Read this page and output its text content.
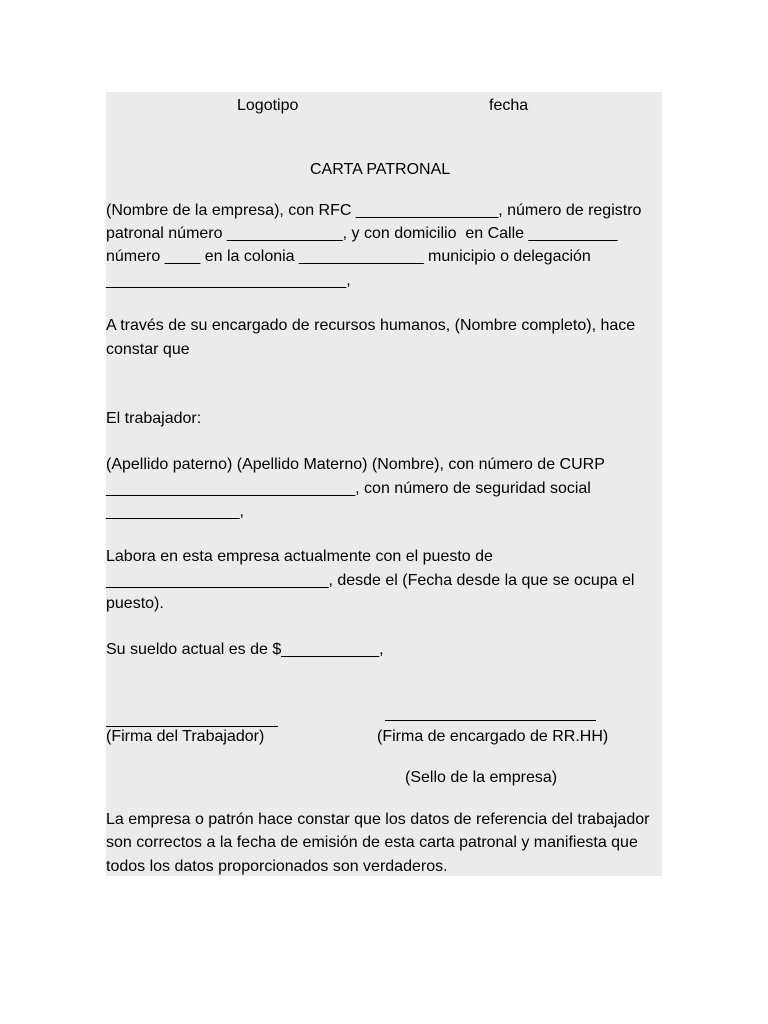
Logotipo	fecha
CARTA PATRONAL
(Nombre de la empresa), con RFC ________________, número de registro
patronal número _____________, y con domicilio  en Calle __________
número ____ en la colonia ______________ municipio o delegación
___________________________,
A través de su encargado de recursos humanos, (Nombre completo), hace
constar que
El trabajador:
(Apellido paterno) (Apellido Materno) (Nombre), con número de CURP
____________________________, con número de seguridad social
_______________,
Labora en esta empresa actualmente con el puesto de
_________________________, desde el (Fecha desde la que se ocupa el
puesto).
Su sueldo actual es de $___________,
(Firma del Trabajador)	(Firma de encargado de RR.HH)
(Sello de la empresa)
La empresa o patrón hace constar que los datos de referencia del trabajador
son correctos a la fecha de emisión de esta carta patronal y manifiesta que
todos los datos proporcionados son verdaderos.
